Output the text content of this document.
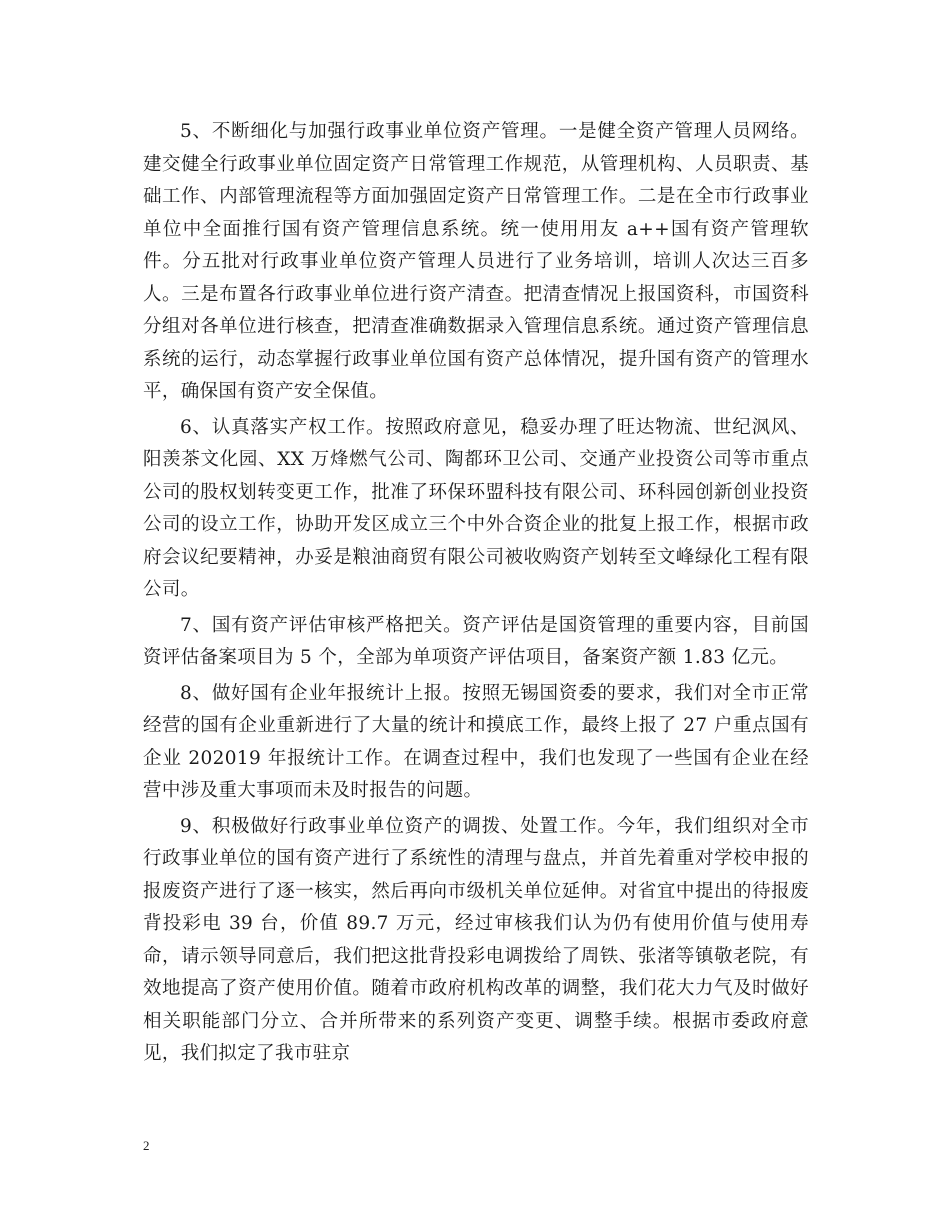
5、不断细化与加强行政事业单位资产管理。一是健全资产管理人员网络。建交健全行政事业单位固定资产日常管理工作规范，从管理机构、人员职责、基础工作、内部管理流程等方面加强固定资产日常管理工作。二是在全市行政事业单位中全面推行国有资产管理信息系统。统一使用用友 a++国有资产管理软件。分五批对行政事业单位资产管理人员进行了业务培训，培训人次达三百多人。三是布置各行政事业单位进行资产清查。把清查情况上报国资科，市国资科分组对各单位进行核查，把清查准确数据录入管理信息系统。通过资产管理信息系统的运行，动态掌握行政事业单位国有资产总体情况，提升国有资产的管理水平，确保国有资产安全保值。

6、认真落实产权工作。按照政府意见，稳妥办理了旺达物流、世纪沨风、阳羡茶文化园、XX 万烽燃气公司、陶都环卫公司、交通产业投资公司等市重点公司的股权划转变更工作，批准了环保环盟科技有限公司、环科园创新创业投资公司的设立工作，协助开发区成立三个中外合资企业的批复上报工作，根据市政府会议纪要精神，办妥是粮油商贸有限公司被收购资产划转至文峰绿化工程有限公司。

7、国有资产评估审核严格把关。资产评估是国资管理的重要内容，目前国资评估备案项目为 5 个，全部为单项资产评估项目，备案资产额 1.83 亿元。

8、做好国有企业年报统计上报。按照无锡国资委的要求，我们对全市正常经营的国有企业重新进行了大量的统计和摸底工作，最终上报了 27 户重点国有企业 202019 年报统计工作。在调查过程中，我们也发现了一些国有企业在经营中涉及重大事项而未及时报告的问题。

9、积极做好行政事业单位资产的调拨、处置工作。今年，我们组织对全市行政事业单位的国有资产进行了系统性的清理与盘点，并首先着重对学校申报的报废资产进行了逐一核实，然后再向市级机关单位延伸。对省宜中提出的待报废背投彩电 39 台，价值 89.7 万元，经过审核我们认为仍有使用价值与使用寿命，请示领导同意后，我们把这批背投彩电调拨给了周铁、张渚等镇敬老院，有效地提高了资产使用价值。随着市政府机构改革的调整，我们花大力气及时做好相关职能部门分立、合并所带来的系列资产变更、调整手续。根据市委政府意见，我们拟定了我市驻京

2
